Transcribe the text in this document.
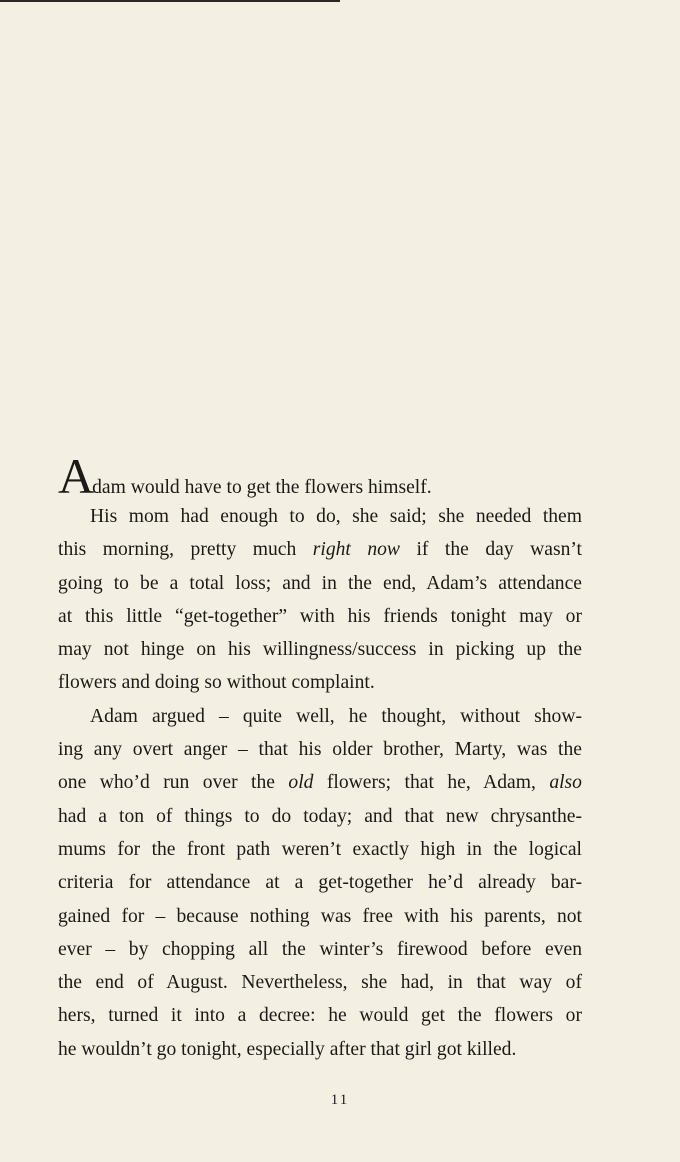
Adam would have to get the flowers himself.
His mom had enough to do, she said; she needed them
this morning, pretty much right now if the day wasn’t
going to be a total loss; and in the end, Adam’s attendance
at this little “get-together” with his friends tonight may or
may not hinge on his willingness/success in picking up the
flowers and doing so without complaint.
Adam argued – quite well, he thought, without show-
ing any overt anger – that his older brother, Marty, was the
one who’d run over the old flowers; that he, Adam, also
had a ton of things to do today; and that new chrysanthe-
mums for the front path weren’t exactly high in the logical
criteria for attendance at a get-together he’d already bar-
gained for – because nothing was free with his parents, not
ever – by chopping all the winter’s firewood before even
the end of August. Nevertheless, she had, in that way of
hers, turned it into a decree: he would get the flowers or
he wouldn’t go tonight, especially after that girl got killed.
11
